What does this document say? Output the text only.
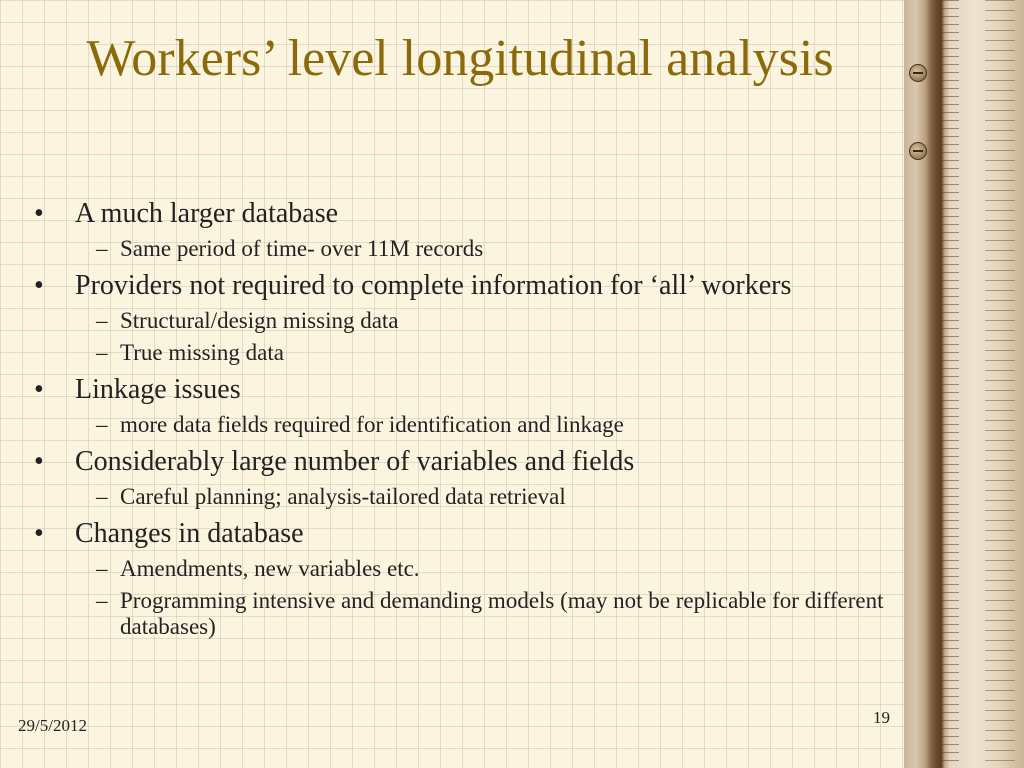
Workers’ level longitudinal analysis
• A much larger database
– Same period of time- over 11M records
• Providers not required to complete information for ‘all’ workers
– Structural/design missing data
– True missing data
• Linkage issues
– more data fields required for identification and linkage
• Considerably large number of variables and fields
– Careful planning; analysis-tailored data retrieval
• Changes in database
– Amendments, new variables etc.
– Programming intensive and demanding models (may not be replicable for different databases)
29/5/2012	19
